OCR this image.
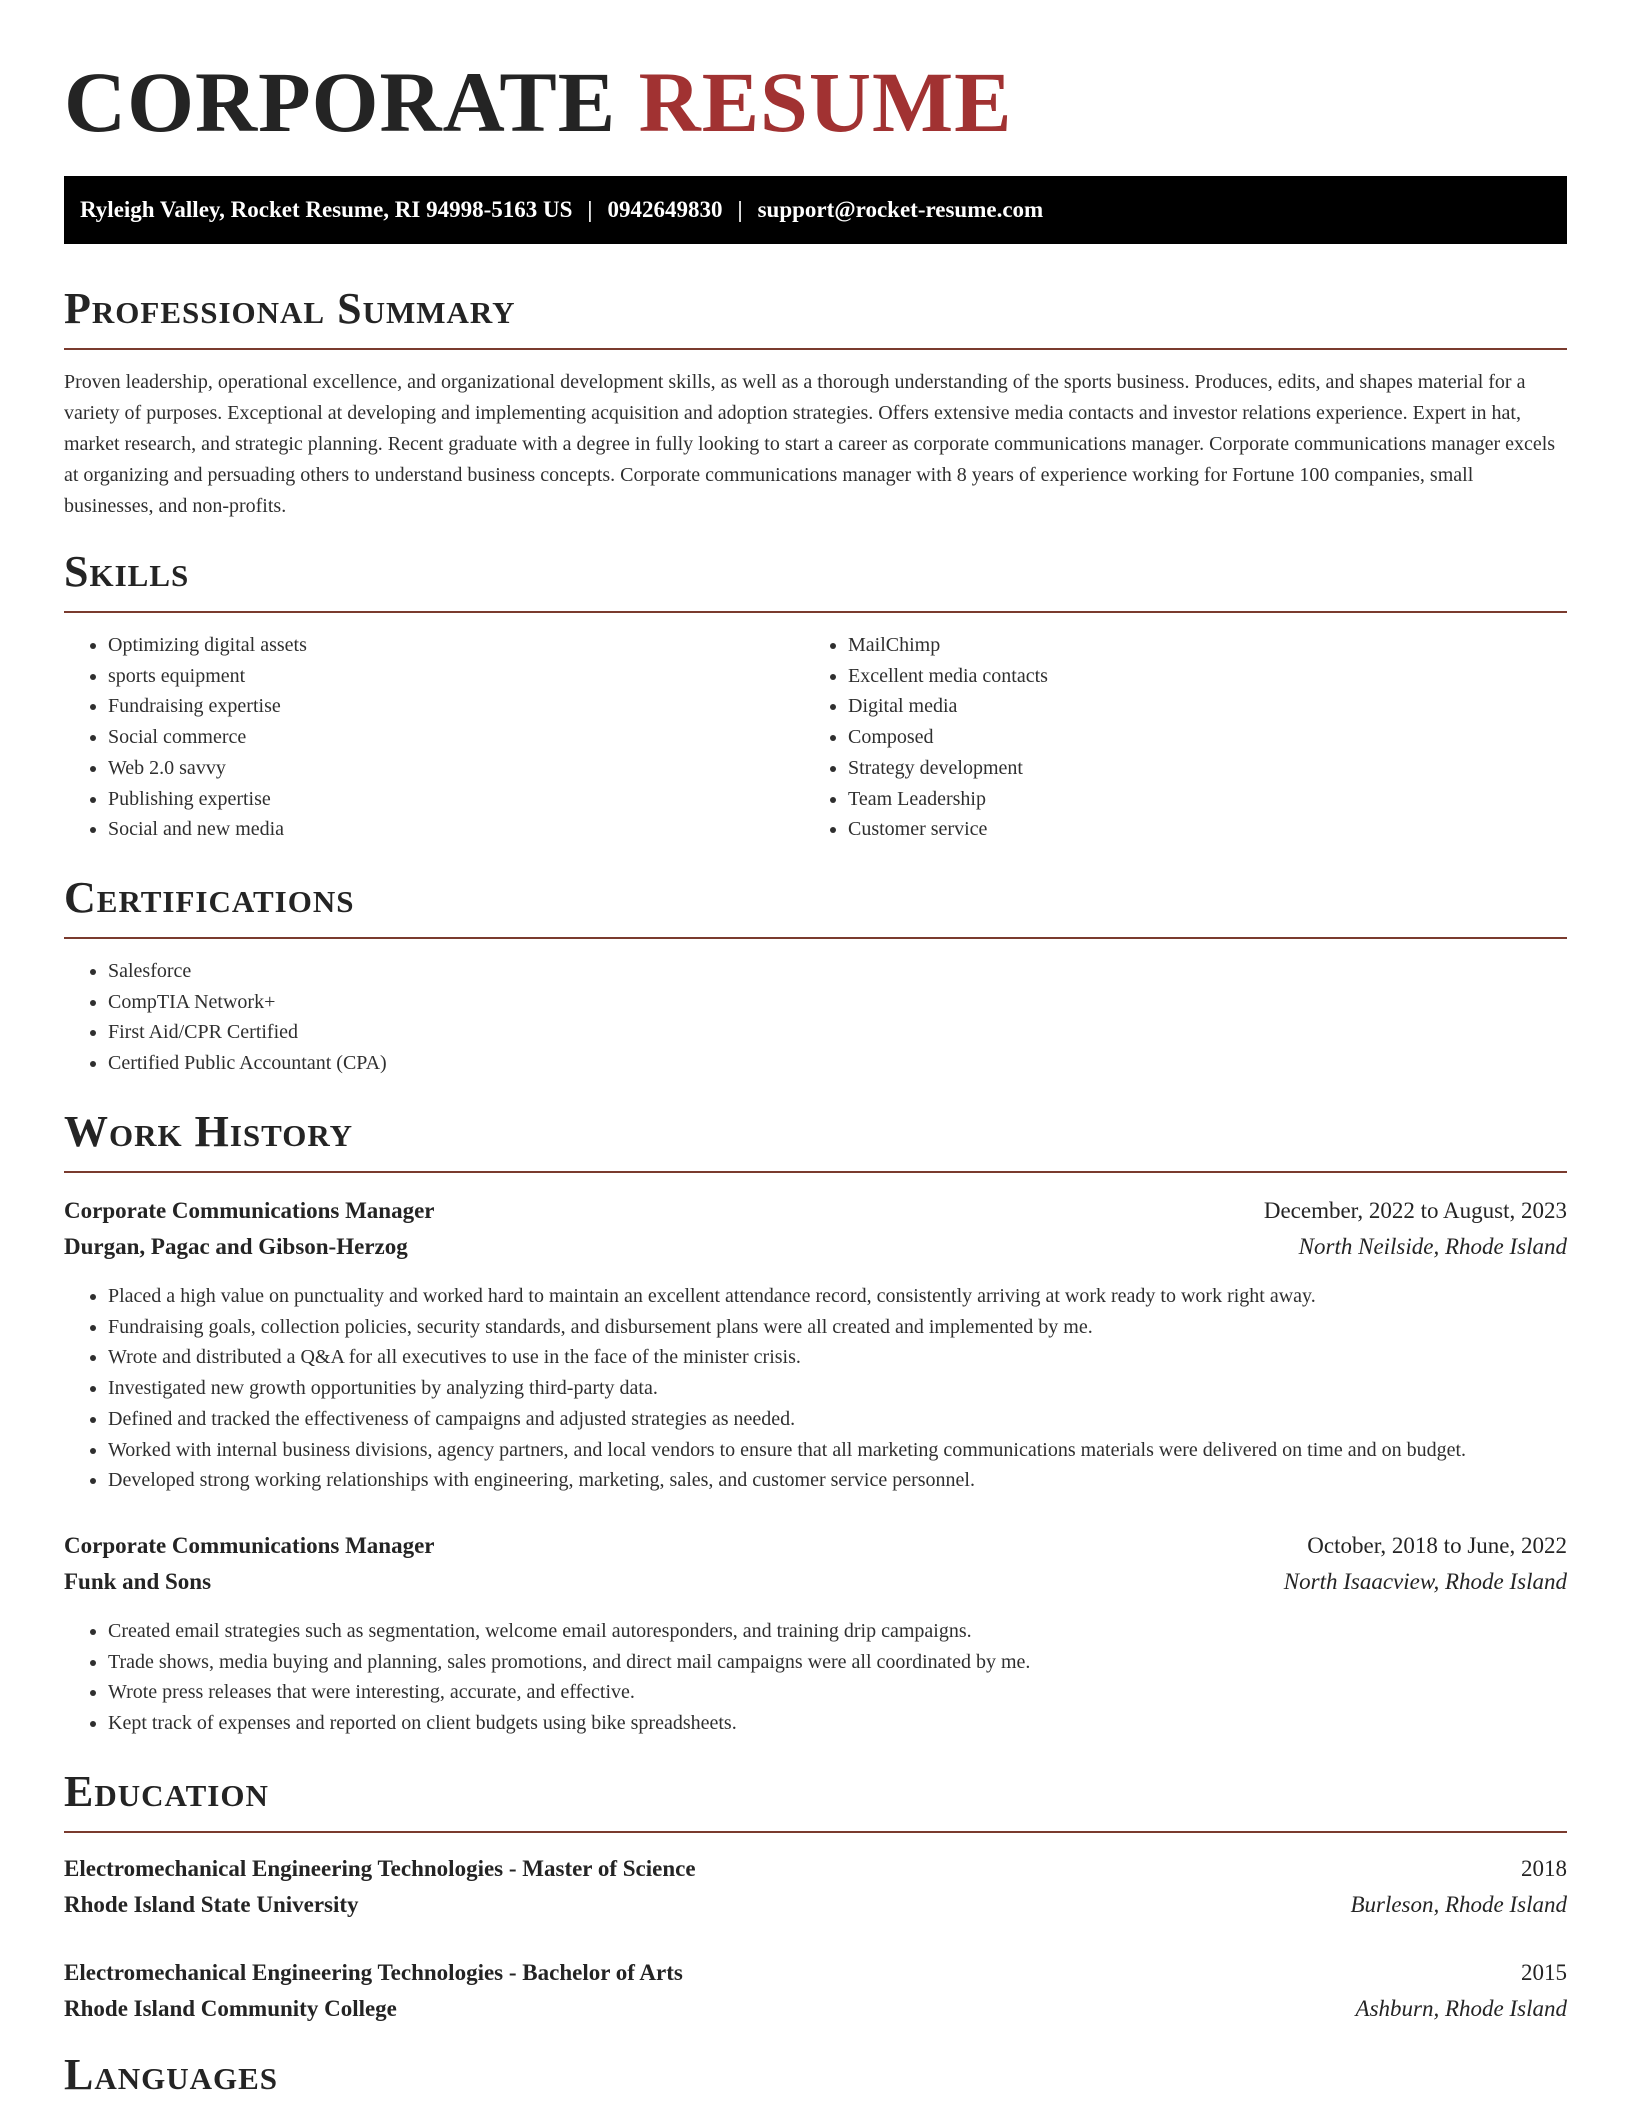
CORPORATE RESUME
Ryleigh Valley, Rocket Resume, RI 94998-5163 US | 0942649830 | support@rocket-resume.com
Professional Summary

Proven leadership, operational excellence, and organizational development skills, as well as a thorough understanding of the sports business. Produces, edits, and shapes material for a variety of purposes. Exceptional at developing and implementing acquisition and adoption strategies. Offers extensive media contacts and investor relations experience. Expert in hat, market research, and strategic planning. Recent graduate with a degree in fully looking to start a career as corporate communications manager. Corporate communications manager excels at organizing and persuading others to understand business concepts. Corporate communications manager with 8 years of experience working for Fortune 100 companies, small businesses, and non-profits.

Skills
• Optimizing digital assets
• sports equipment
• Fundraising expertise
• Social commerce
• Web 2.0 savvy
• Publishing expertise
• Social and new media
• MailChimp
• Excellent media contacts
• Digital media
• Composed
• Strategy development
• Team Leadership
• Customer service
Certifications
• Salesforce
• CompTIA Network+
• First Aid/CPR Certified
• Certified Public Accountant (CPA)
Work History
Corporate Communications Manager	December, 2022 to August, 2023
Durgan, Pagac and Gibson-Herzog	North Neilside, Rhode Island
• Placed a high value on punctuality and worked hard to maintain an excellent attendance record, consistently arriving at work ready to work right away.
• Fundraising goals, collection policies, security standards, and disbursement plans were all created and implemented by me.
• Wrote and distributed a Q&A for all executives to use in the face of the minister crisis.
• Investigated new growth opportunities by analyzing third-party data.
• Defined and tracked the effectiveness of campaigns and adjusted strategies as needed.
• Worked with internal business divisions, agency partners, and local vendors to ensure that all marketing communications materials were delivered on time and on budget.
• Developed strong working relationships with engineering, marketing, sales, and customer service personnel.
Corporate Communications Manager	October, 2018 to June, 2022
Funk and Sons	North Isaacview, Rhode Island
• Created email strategies such as segmentation, welcome email autoresponders, and training drip campaigns.
• Trade shows, media buying and planning, sales promotions, and direct mail campaigns were all coordinated by me.
• Wrote press releases that were interesting, accurate, and effective.
• Kept track of expenses and reported on client budgets using bike spreadsheets.
Education
Electromechanical Engineering Technologies - Master of Science	2018
Rhode Island State University	Burleson, Rhode Island
Electromechanical Engineering Technologies - Bachelor of Arts	2015
Rhode Island Community College	Ashburn, Rhode Island
Languages
